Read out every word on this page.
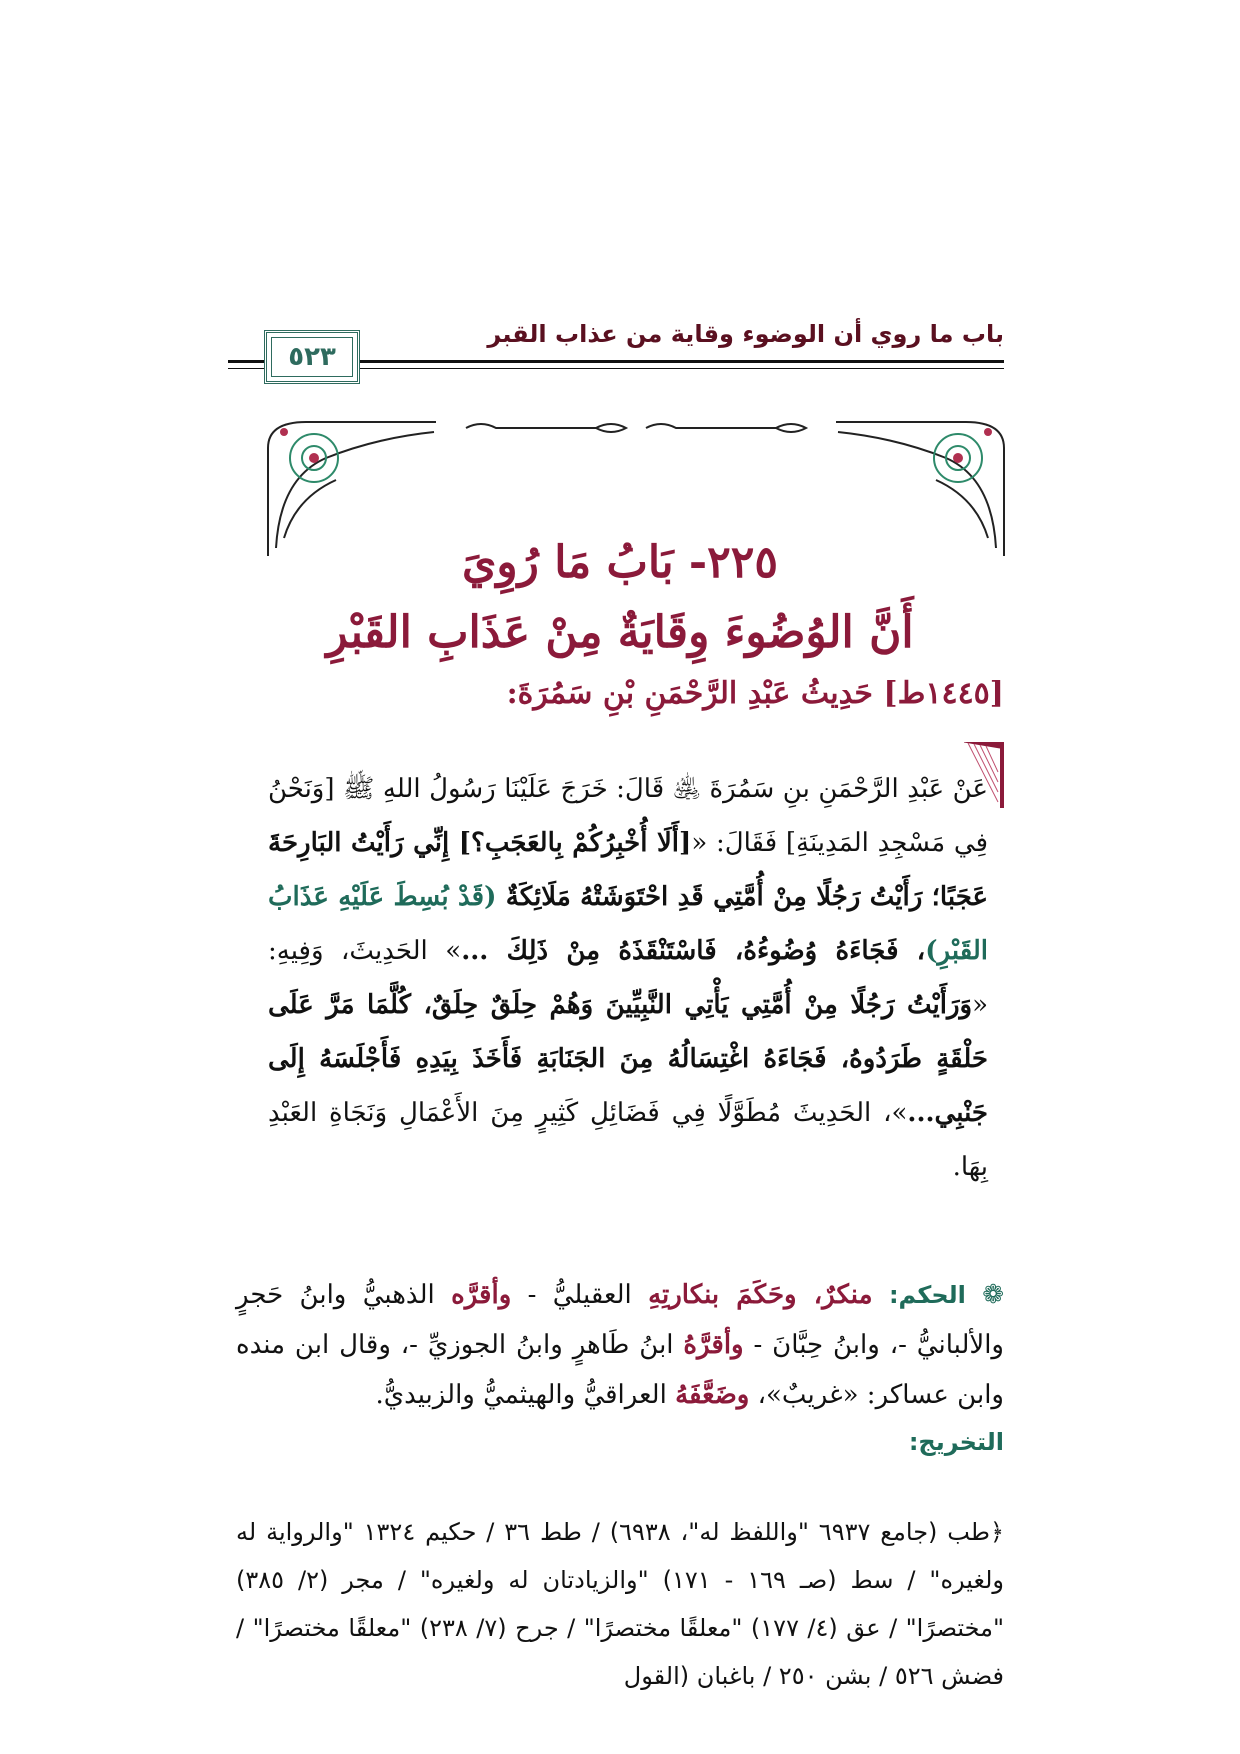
باب ما روي أن الوضوء وقاية من عذاب القبر
٥٢٣
٢٢٥- بَابُ مَا رُوِيَ
أَنَّ الوُضُوءَ وِقَايَةٌ مِنْ عَذَابِ القَبْرِ
[١٤٤٥ط] حَدِيثُ عَبْدِ الرَّحْمَنِ بْنِ سَمُرَةَ:
عَنْ عَبْدِ الرَّحْمَنِ بنِ سَمُرَةَ ﵁ قَالَ: خَرَجَ عَلَيْنَا رَسُولُ اللهِ ﷺ [وَنَحْنُ فِي مَسْجِدِ المَدِينَةِ] فَقَالَ: «[أَلَا أُخْبِرُكُمْ بِالعَجَبِ؟] إِنِّي رَأَيْتُ البَارِحَةَ عَجَبًا؛ رَأَيْتُ رَجُلًا مِنْ أُمَّتِي قَدِ احْتَوَشَتْهُ مَلَائِكَةٌ (قَدْ بُسِطَ عَلَيْهِ عَذَابُ القَبْرِ)، فَجَاءَهُ وُضُوءُهُ، فَاسْتَنْقَذَهُ مِنْ ذَلِكَ ...» الحَدِيثَ، وَفِيهِ: «وَرَأَيْتُ رَجُلًا مِنْ أُمَّتِي يَأْتِي النَّبِيِّينَ وَهُمْ حِلَقٌ حِلَقٌ، كُلَّمَا مَرَّ عَلَى حَلْقَةٍ طَرَدُوهُ، فَجَاءَهُ اغْتِسَالُهُ مِنَ الجَنَابَةِ فَأَخَذَ بِيَدِهِ فَأَجْلَسَهُ إِلَى جَنْبِي...»، الحَدِيثَ مُطَوَّلًا فِي فَضَائِلِ كَثِيرٍ مِنَ الأَعْمَالِ وَنَجَاةِ العَبْدِ بِهَا.
❁ الحكم: منكرٌ، وحَكَمَ بنكارتِهِ العقيليُّ - وأقرَّه الذهبيُّ وابنُ حَجرٍ والألبانيُّ -، وابنُ حِبَّانَ - وأقرَّهُ ابنُ طَاهرٍ وابنُ الجوزيِّ -، وقال ابن منده وابن عساكر: «غريبٌ»، وضَعَّفَهُ العراقيُّ والهيثميُّ والزبيديُّ.
التخريج:
﴿طب (جامع ٦٩٣٧ "واللفظ له"، ٦٩٣٨) / طط ٣٦ / حكيم ١٣٢٤ "والرواية له ولغيره" / سط (صـ ١٦٩ - ١٧١) "والزيادتان له ولغيره" / مجر (٢/ ٣٨٥) "مختصرًا" / عق (٤/ ١٧٧) "معلقًا مختصرًا" / جرح (٧/ ٢٣٨) "معلقًا مختصرًا" / فضش ٥٢٦ / بشن ٢٥٠ / باغبان (القول
